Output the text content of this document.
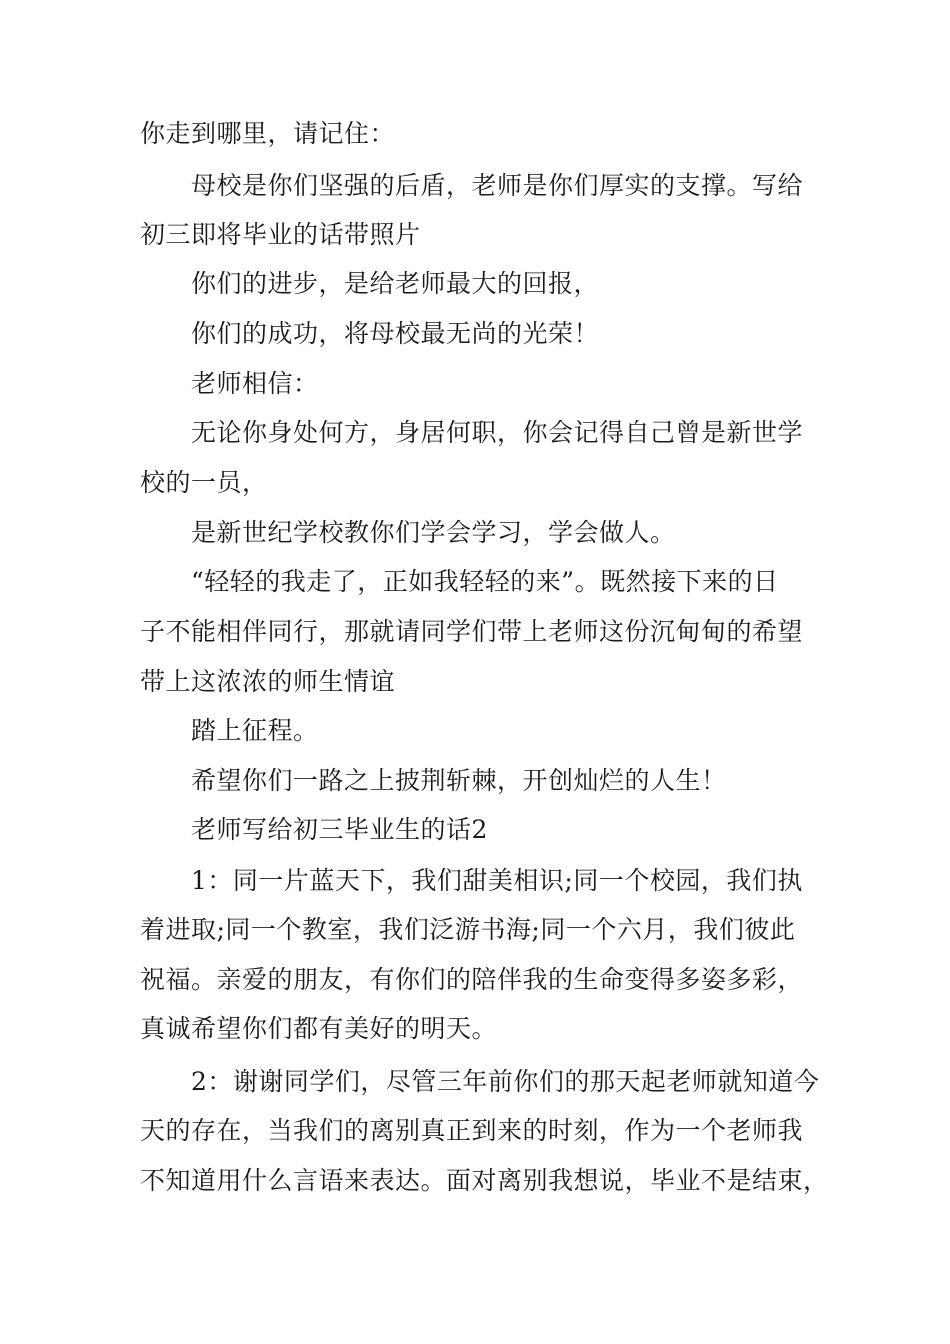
你走到哪里，请记住：
母校是你们坚强的后盾，老师是你们厚实的支撑。写给
初三即将毕业的话带照片
你们的进步，是给老师最大的回报，
你们的成功，将母校最无尚的光荣！
老师相信：
无论你身处何方，身居何职，你会记得自己曾是新世学
校的一员，
是新世纪学校教你们学会学习，学会做人。
“轻轻的我走了，正如我轻轻的来”。既然接下来的日
子不能相伴同行，那就请同学们带上老师这份沉甸甸的希望
带上这浓浓的师生情谊
踏上征程。
希望你们一路之上披荆斩棘，开创灿烂的人生！
老师写给初三毕业生的话2
1：同一片蓝天下，我们甜美相识;同一个校园，我们执
着进取;同一个教室，我们泛游书海;同一个六月，我们彼此
祝福。亲爱的朋友，有你们的陪伴我的生命变得多姿多彩，
真诚希望你们都有美好的明天。
2：谢谢同学们，尽管三年前你们的那天起老师就知道今
天的存在，当我们的离别真正到来的时刻，作为一个老师我
不知道用什么言语来表达。面对离别我想说，毕业不是结束，
